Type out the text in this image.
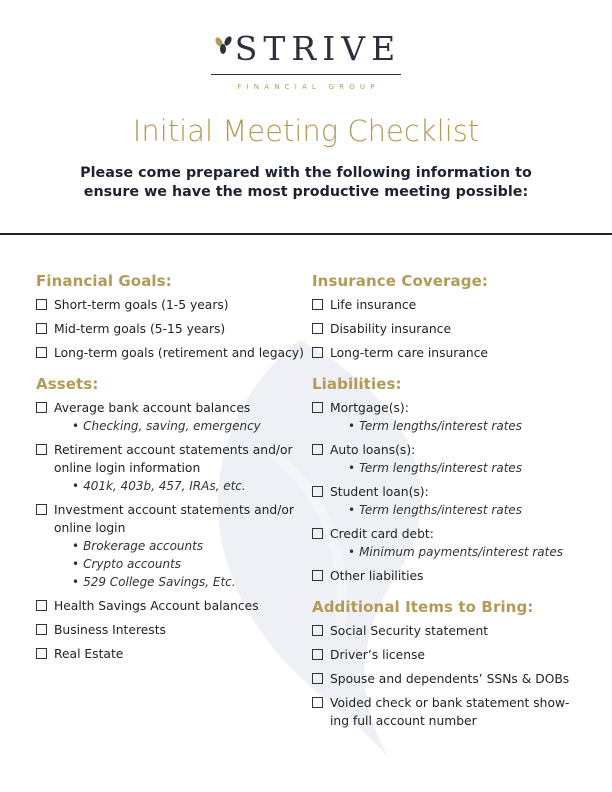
STRIVE
FINANCIAL GROUP
Initial Meeting Checklist
Please come prepared with the following information to
ensure we have the most productive meeting possible:
Financial Goals:
Short-term goals (1-5 years)
Mid-term goals (5-15 years)
Long-term goals (retirement and legacy)
Assets:
Average bank account balances
• Checking, saving, emergency
Retirement account statements and/or
online login information
• 401k, 403b, 457, IRAs, etc.
Investment account statements and/or
online login
• Brokerage accounts
• Crypto accounts
• 529 College Savings, Etc.
Health Savings Account balances
Business Interests
Real Estate
Insurance Coverage:
Life insurance
Disability insurance
Long-term care insurance
Liabilities:
Mortgage(s):
• Term lengths/interest rates
Auto loans(s):
• Term lengths/interest rates
Student loan(s):
• Term lengths/interest rates
Credit card debt:
• Minimum payments/interest rates
Other liabilities
Additional Items to Bring:
Social Security statement
Driver’s license
Spouse and dependents’ SSNs & DOBs
Voided check or bank statement show-
ing full account number
